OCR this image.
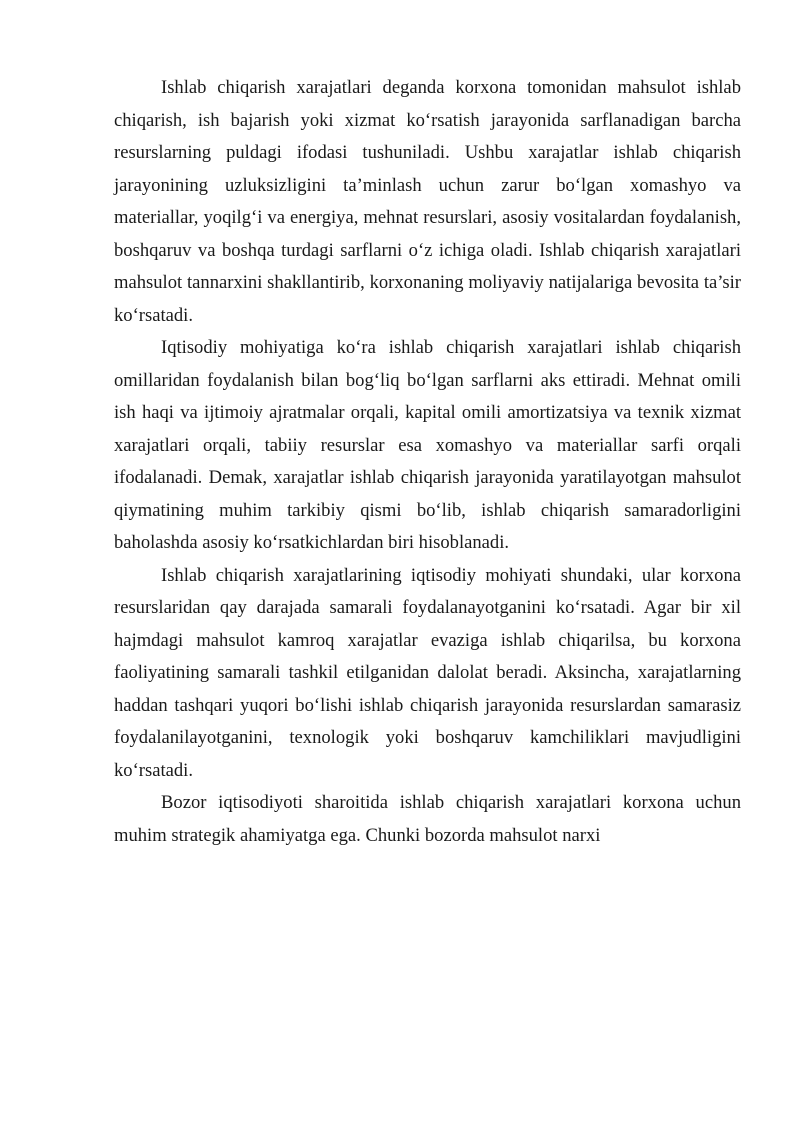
Ishlab chiqarish xarajatlari deganda korxona tomonidan mahsulot ishlab chiqarish, ish bajarish yoki xizmat ko‘rsatish jarayonida sarflanadigan barcha resurslarning puldagi ifodasi tushuniladi. Ushbu xarajatlar ishlab chiqarish jarayonining uzluksizligini ta’minlash uchun zarur bo‘lgan xomashyo va materiallar, yoqilg‘i va energiya, mehnat resurslari, asosiy vositalardan foydalanish, boshqaruv va boshqa turdagi sarflarni o‘z ichiga oladi. Ishlab chiqarish xarajatlari mahsulot tannarxini shakllantirib, korxonaning moliyaviy natijalariga bevosita ta’sir ko‘rsatadi.

Iqtisodiy mohiyatiga ko‘ra ishlab chiqarish xarajatlari ishlab chiqarish omillaridan foydalanish bilan bog‘liq bo‘lgan sarflarni aks ettiradi. Mehnat omili ish haqi va ijtimoiy ajratmalar orqali, kapital omili amortizatsiya va texnik xizmat xarajatlari orqali, tabiiy resurslar esa xomashyo va materiallar sarfi orqali ifodalanadi. Demak, xarajatlar ishlab chiqarish jarayonida yaratilayotgan mahsulot qiymatining muhim tarkibiy qismi bo‘lib, ishlab chiqarish samaradorligini baholashda asosiy ko‘rsatkichlardan biri hisoblanadi.

Ishlab chiqarish xarajatlarining iqtisodiy mohiyati shundaki, ular korxona resurslaridan qay darajada samarali foydalanayotganini ko‘rsatadi. Agar bir xil hajmdagi mahsulot kamroq xarajatlar evaziga ishlab chiqarilsa, bu korxona faoliyatining samarali tashkil etilganidan dalolat beradi. Aksincha, xarajatlarning haddan tashqari yuqori bo‘lishi ishlab chiqarish jarayonida resurslardan samarasiz foydalanilayotganini, texnologik yoki boshqaruv kamchiliklari mavjudligini ko‘rsatadi.

Bozor iqtisodiyoti sharoitida ishlab chiqarish xarajatlari korxona uchun muhim strategik ahamiyatga ega. Chunki bozorda mahsulot narxi
